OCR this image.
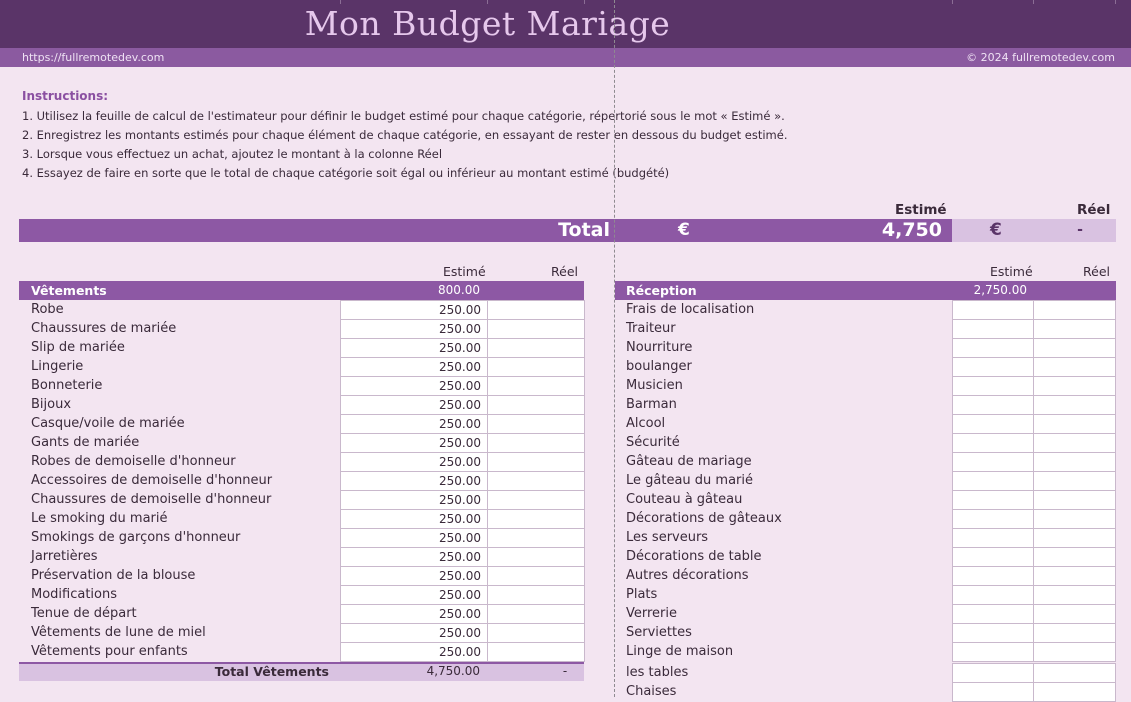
Mon Budget Mariage
https://fullremotedev.com	© 2024 fullremotedev.com
Instructions:
1. Utilisez la feuille de calcul de l'estimateur pour définir le budget estimé pour chaque catégorie, répertorié sous le mot « Estimé ».
2. Enregistrez les montants estimés pour chaque élément de chaque catégorie, en essayant de rester en dessous du budget estimé.
3. Lorsque vous effectuez un achat, ajoutez le montant à la colonne Réel
4. Essayez de faire en sorte que le total de chaque catégorie soit égal ou inférieur au montant estimé (budgété)
Estimé	Réel
Total	€	4,750	€	-
Estimé	Réel
Vêtements	800.00
Robe	250.00
Chaussures de mariée	250.00
Slip de mariée	250.00
Lingerie	250.00
Bonneterie	250.00
Bijoux	250.00
Casque/voile de mariée	250.00
Gants de mariée	250.00
Robes de demoiselle d'honneur	250.00
Accessoires de demoiselle d'honneur	250.00
Chaussures de demoiselle d'honneur	250.00
Le smoking du marié	250.00
Smokings de garçons d'honneur	250.00
Jarretières	250.00
Préservation de la blouse	250.00
Modifications	250.00
Tenue de départ	250.00
Vêtements de lune de miel	250.00
Vêtements pour enfants	250.00
Total Vêtements	4,750.00	-
Estimé	Réel
Réception	2,750.00
Frais de localisation
Traiteur
Nourriture
boulanger
Musicien
Barman
Alcool
Sécurité
Gâteau de mariage
Le gâteau du marié
Couteau à gâteau
Décorations de gâteaux
Les serveurs
Décorations de table
Autres décorations
Plats
Verrerie
Serviettes
Linge de maison
les tables
Chaises
